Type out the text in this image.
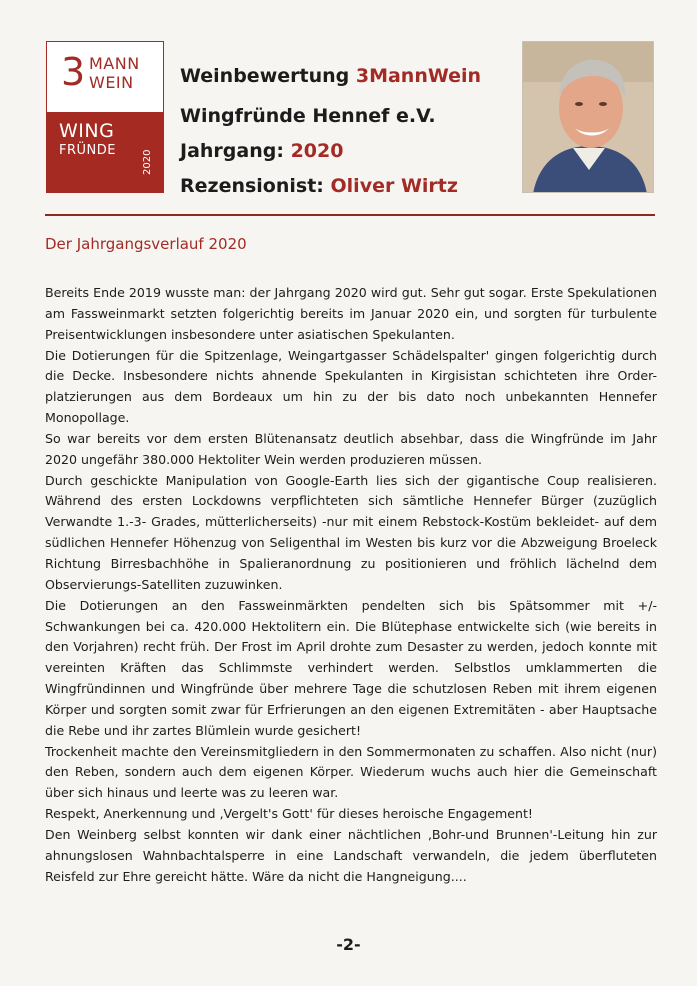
3 MANN
WEIN
WING
FRÜNDE	2020
Weinbewertung 3MannWein
Wingfründe Hennef e.V.
Jahrgang: 2020
Rezensionist: Oliver Wirtz
Der Jahrgangsverlauf 2020

Bereits Ende 2019 wusste man: der Jahrgang 2020 wird gut. Sehr gut sogar. Erste Spekulationen am Fassweinmarkt setzten folgerichtig bereits im Januar 2020 ein, und sorgten für turbulente Preisentwicklungen insbesondere unter asiatischen Spekulanten.

Die Dotierungen für die Spitzenlage, Weingartgasser Schädelspalter' gingen folgerichtig durch die Decke. Insbesondere nichts ahnende Spekulanten in Kirgisistan schichteten ihre Order-platzierungen aus dem Bordeaux um hin zu der bis dato noch unbekannten Hennefer Monopollage.

So war bereits vor dem ersten Blütenansatz deutlich absehbar, dass die Wingfründe im Jahr 2020 ungefähr 380.000 Hektoliter Wein werden produzieren müssen.

Durch geschickte Manipulation von Google-Earth lies sich der gigantische Coup realisieren. Während des ersten Lockdowns verpflichteten sich sämtliche Hennefer Bürger (zuzüglich Verwandte 1.-3- Grades, mütterlicherseits) -nur mit einem Rebstock-Kostüm bekleidet- auf dem südlichen Hennefer Höhenzug von Seligenthal im Westen bis kurz vor die Abzweigung Broeleck Richtung Birresbachhöhe in Spalieranordnung zu positionieren und fröhlich lächelnd dem Observierungs-Satelliten zuzuwinken.

Die Dotierungen an den Fassweinmärkten pendelten sich bis Spätsommer mit +/- Schwankungen bei ca. 420.000 Hektolitern ein. Die Blütephase entwickelte sich (wie bereits in den Vorjahren) recht früh. Der Frost im April drohte zum Desaster zu werden, jedoch konnte mit vereinten Kräften das Schlimmste verhindert werden. Selbstlos umklammerten die Wingfründinnen und Wingfründe über mehrere Tage die schutzlosen Reben mit ihrem eigenen Körper und sorgten somit zwar für Erfrierungen an den eigenen Extremitäten - aber Hauptsache die Rebe und ihr zartes Blümlein wurde gesichert!

Trockenheit machte den Vereinsmitgliedern in den Sommermonaten zu schaffen. Also nicht (nur) den Reben, sondern auch dem eigenen Körper. Wiederum wuchs auch hier die Gemeinschaft über sich hinaus und leerte was zu leeren war.

Respekt, Anerkennung und ‚Vergelt's Gott' für dieses heroische Engagement!

Den Weinberg selbst konnten wir dank einer nächtlichen ‚Bohr-und Brunnen'-Leitung hin zur ahnungslosen Wahnbachtalsperre in eine Landschaft verwandeln, die jedem überfluteten Reisfeld zur Ehre gereicht hätte. Wäre da nicht die Hangneigung....

-2-
